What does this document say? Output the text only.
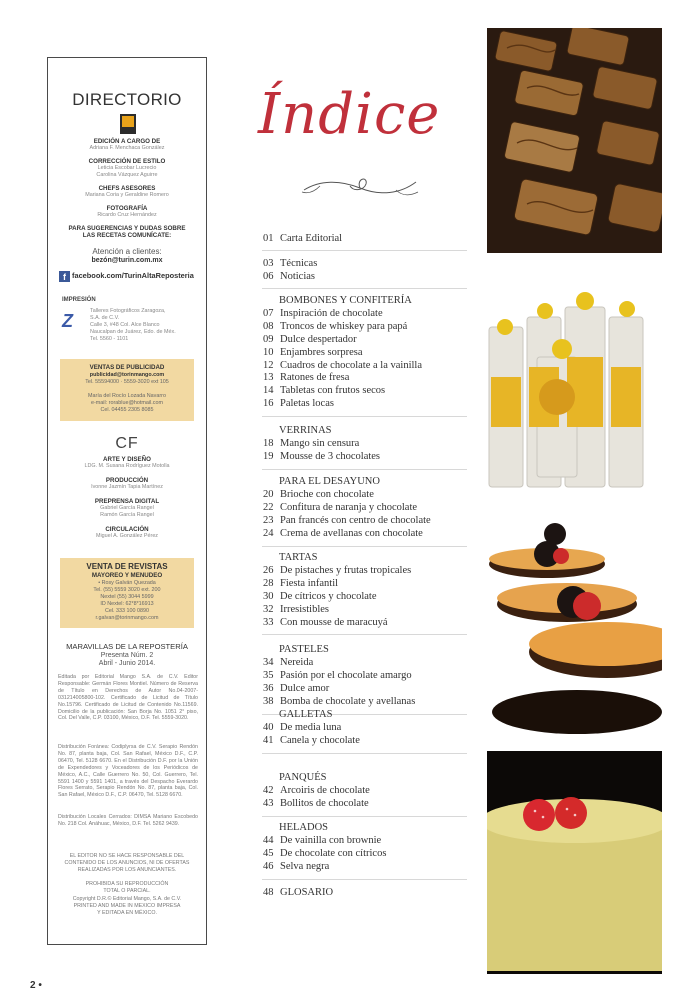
DIRECTORIO
EDICIÓN A CARGO DE
Adriana F. Menchaca González
CORRECCIÓN DE ESTILO
Leticia Escobar Lucrecio
Carolina Vázquez Aguirre
CHEFS ASESORES
Mariana Coria y Geraldine Romero
FOTOGRAFÍA
Ricardo Cruz Hernández
PARA SUGERENCIAS Y DUDAS SOBRE
LAS RECETAS COMUNÍCATE:
Atención a clientes:
bezón@turin.com.mx
f facebook.com/TurinAltaReposteria
IMPRESIÓN
Z	Talleres Fotográficos Zaragoza,
S.A. de C.V.
Calle 3, #48 Col. Alce Blanco
Naucalpan de Juárez, Edo. de Méx.
Tel. 5560 - 1101
VENTAS DE PUBLICIDAD
publicidad@torinmango.com
Tel. 55594000 · 5559-3020 ext 105
María del Rocío Lozada Navarro
e-mail: rorablue@hotmail.com
Cel. 04455 2305 8085
CF
ARTE Y DISEÑO
LDG. M. Susana Rodríguez Motolla
PRODUCCIÓN
Ivonne Jazmín Tapia Martínez
PREPRENSA DIGITAL
Gabriel García Rangel
Ramón García Rangel
CIRCULACIÓN
Miguel A. González Pérez
VENTA DE REVISTAS
MAYOREO Y MENUDEO
• Rosy Galván Quezada
Tel. (55) 5559 3020 ext. 200
Nextel (55) 3044 5999
ID Nextel: 62*8*16913
Cel. 333 100 0890
r.galvan@torinmango.com
MARAVILLAS DE LA REPOSTERÍA
Presenta Núm. 2
Abril - Junio 2014.
Editada por Editorial Mango S.A. de C.V. Editor Responsable: Germán Flores Montiel. Número de Reserva de Título en Derechos de Autor No.04-2007-031214005800-102. Certificado de Licitud de Título No.15796. Certificado de Licitud de Contenido No.11569. Domicilio de la publicación: San Borja No. 1051 2° piso, Col. Del Valle, C.P. 03100, México, D.F. Tel. 5559-3020.
Distribución Foránea: Codiplyrsa de C.V. Serapio Rendón No. 87, planta baja, Col. San Rafael, México D.F., C.P. 06470, Tel. 5128 6670. En el Distribución D.F. por la Unión de Expendedores y Voceadores de los Periódicos de México, A.C., Calle Guerrero No. 50, Col. Guerrero, Tel. 5591 1400 y 5591 1401, a través del Despacho Everardo Flores Serrato, Serapio Rendón No. 87, planta baja, Col. San Rafael, México D.F., C.P. 06470, Tel. 5128 6670.
Distribución Locales Cerrados: DIMSA Mariano Escobedo No. 218 Col. Anáhuac, México, D.F. Tel. 5262 9439.
EL EDITOR NO SE HACE RESPONSABLE DEL
CONTENIDO DE LOS ANUNCIOS, NI DE OFERTAS
REALIZADAS POR LOS ANUNCIANTES.
PROHIBIDA SU REPRODUCCIÓN
TOTAL O PARCIAL.
Copyright D.R.© Editorial Mango, S.A. de C.V.
PRINTED AND MADE IN MEXICO IMPRESA
Y EDITADA EN MÉXICO.
Índice
01 Carta Editorial
03 Técnicas
06 Noticias
BOMBONES Y CONFITERÍA
07 Inspiración de chocolate
08 Troncos de whiskey para papá
09 Dulce despertador
10 Enjambres sorpresa
12 Cuadros de chocolate a la vainilla
13 Ratones de fresa
14 Tabletas con frutos secos
16 Paletas locas
VERRINAS
18 Mango sin censura
19 Mousse de 3 chocolates
PARA EL DESAYUNO
20 Brioche con chocolate
22 Confitura de naranja y chocolate
23 Pan francés con centro de chocolate
24 Crema de avellanas con chocolate
TARTAS
26 De pistaches y frutas tropicales
28 Fiesta infantil
30 De cítricos y chocolate
32 Irresistibles
33 Con mousse de maracuyá
PASTELES
34 Nereida
35 Pasión por el chocolate amargo
36 Dulce amor
38 Bomba de chocolate y avellanas
GALLETAS
40 De media luna
41 Canela y chocolate
PANQUÉS
42 Arcoiris de chocolate
43 Bollitos de chocolate
HELADOS
44 De vainilla con brownie
45 De chocolate con cítricos
46 Selva negra
48 GLOSARIO
2 •
